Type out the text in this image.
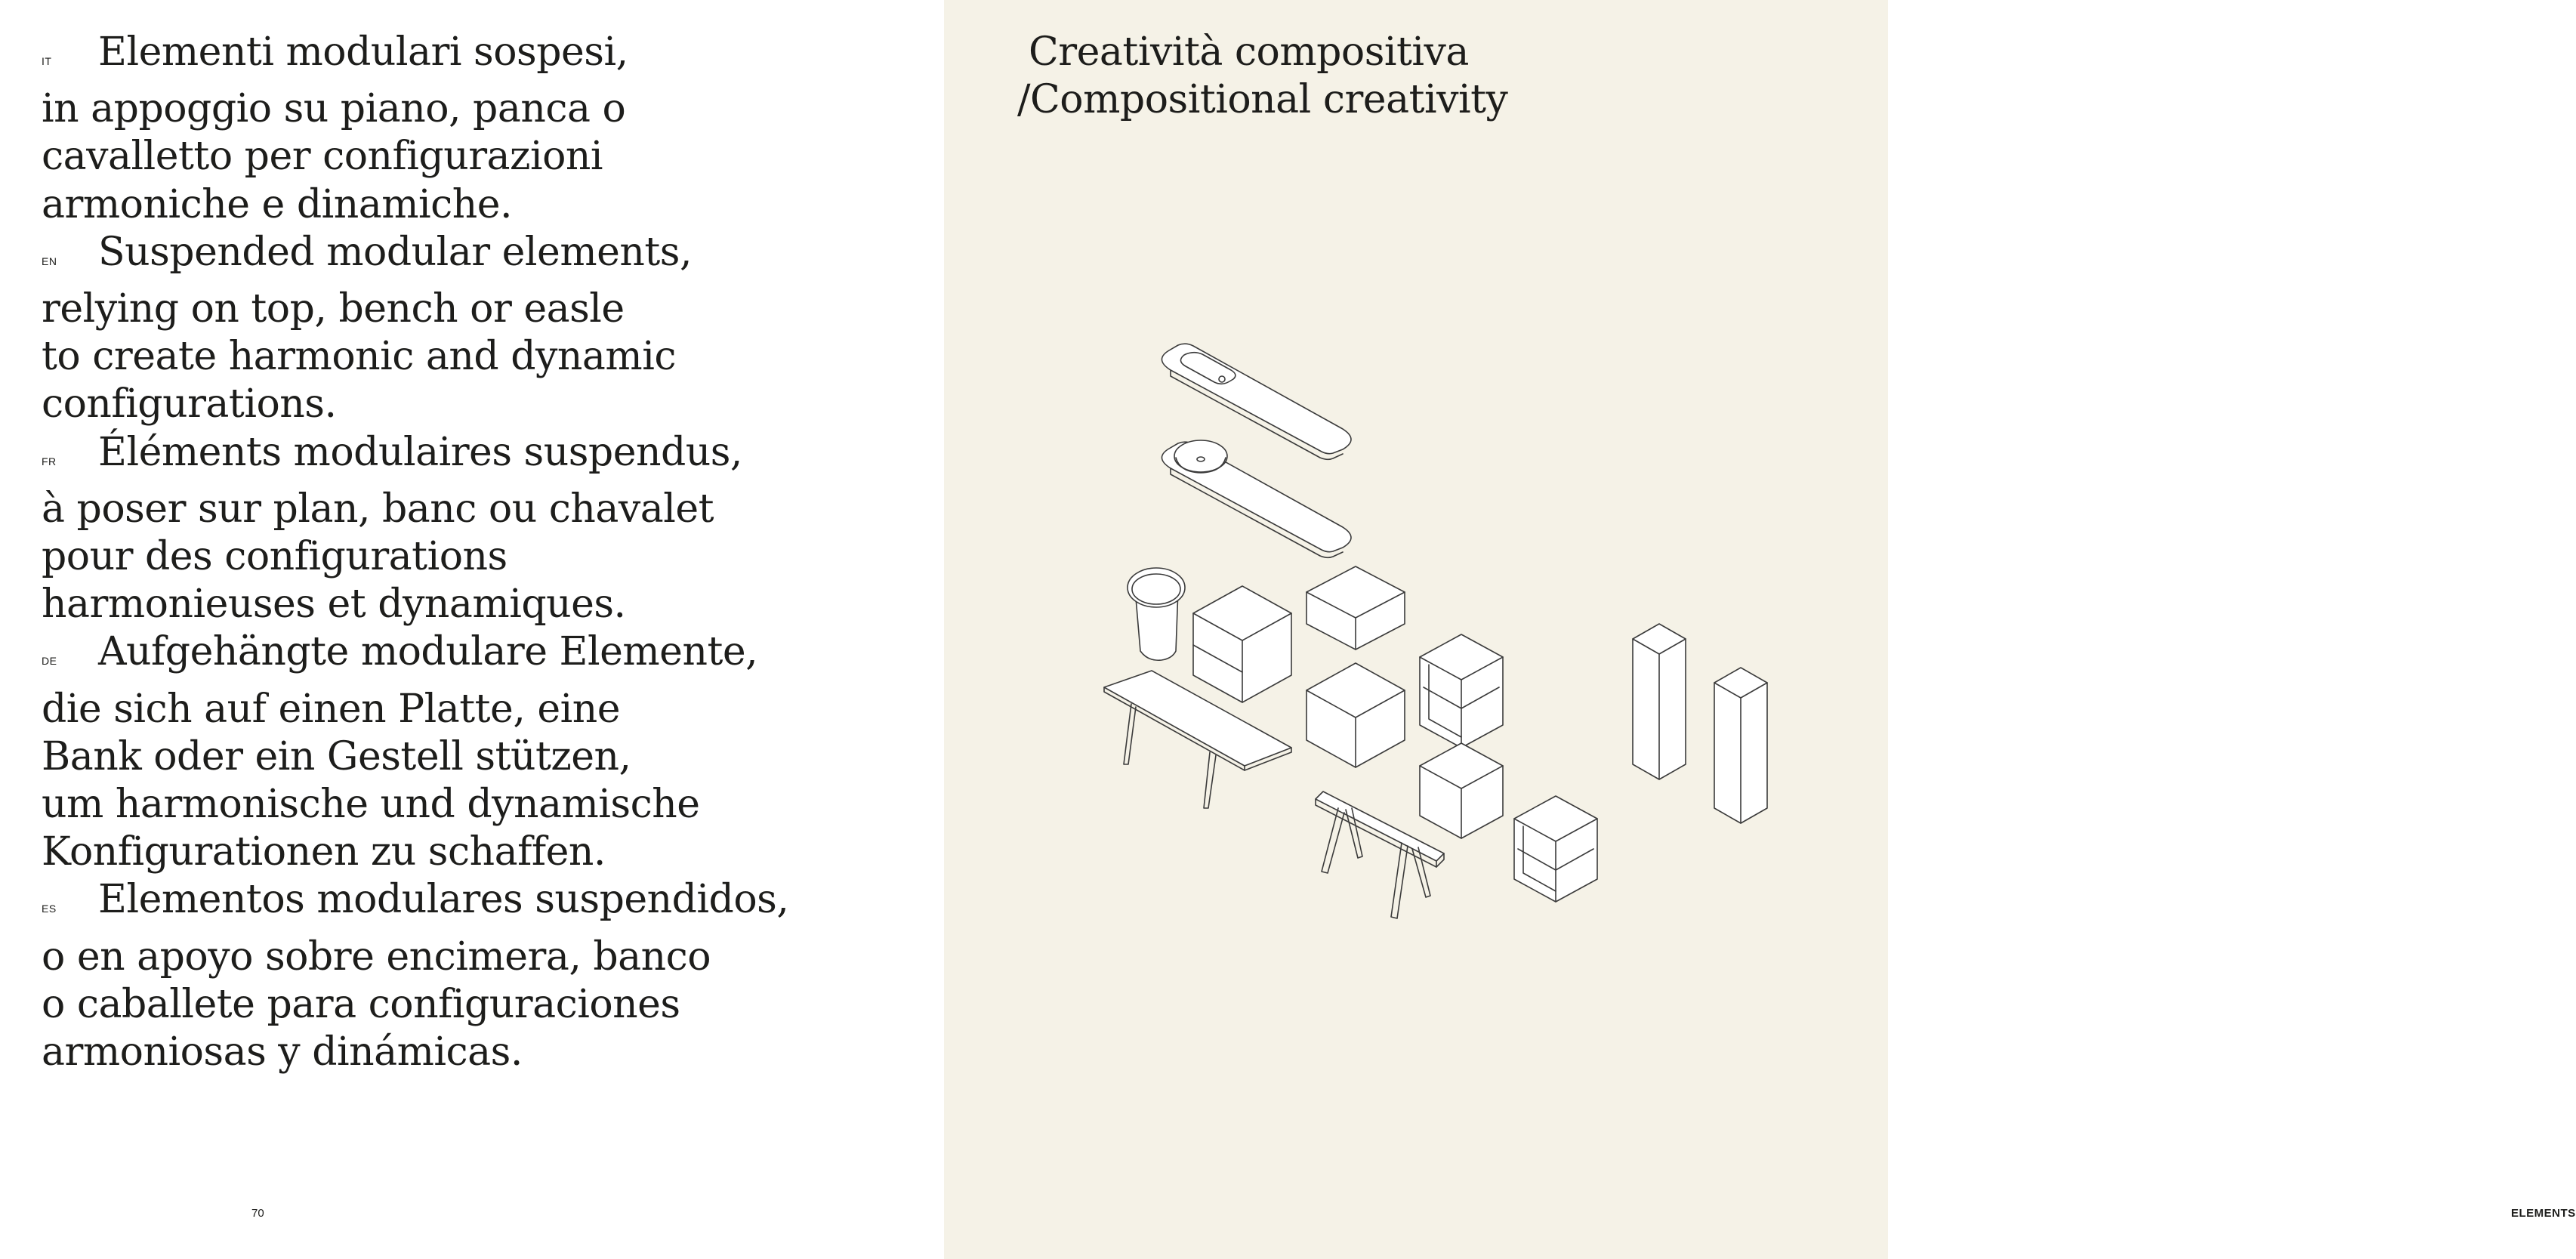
IT Elementi modulari sospesi,
in appoggio su piano, panca o
cavalletto per configurazioni
armoniche e dinamiche.
EN Suspended modular elements,
relying on top, bench or easle
to create harmonic and dynamic
configurations.
FR Éléments modulaires suspendus,
à poser sur plan, banc ou chavalet
pour des configurations
harmonieuses et dynamiques.
DE Aufgehängte modulare Elemente,
die sich auf einen Platte, eine
Bank oder ein Gestell stützen,
um harmonische und dynamische
Konfigurationen zu schaffen.
ES Elementos modulares suspendidos,
o en apoyo sobre encimera, banco
o caballete para configuraciones
armoniosas y dinámicas.
70
Creatività compositiva
/Compositional creativity
ELEMENTS
